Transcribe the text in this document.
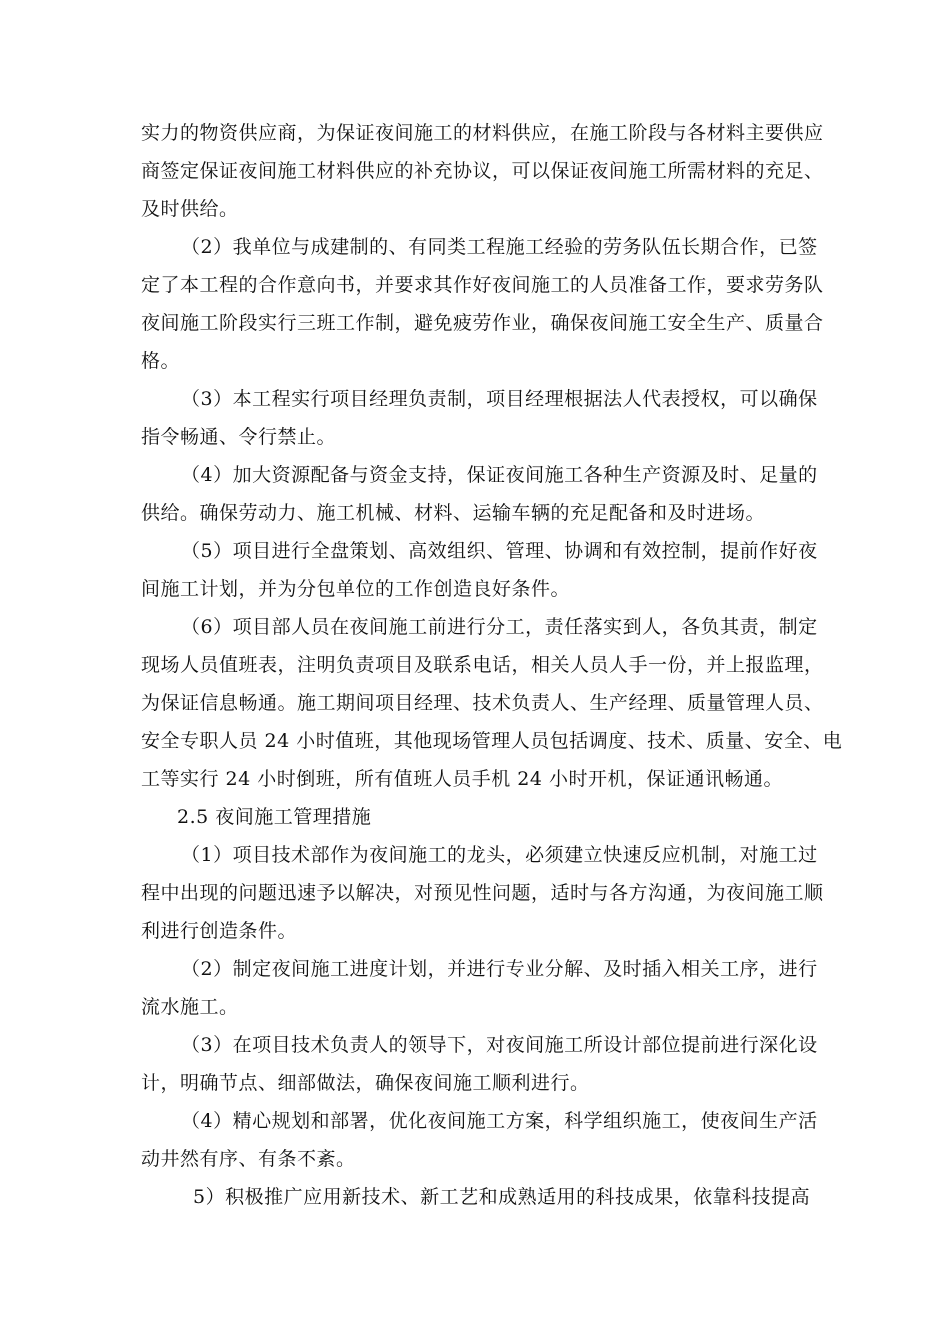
实力的物资供应商，为保证夜间施工的材料供应，在施工阶段与各材料主要供应
商签定保证夜间施工材料供应的补充协议，可以保证夜间施工所需材料的充足、
及时供给。

（2）我单位与成建制的、有同类工程施工经验的劳务队伍长期合作，已签
定了本工程的合作意向书，并要求其作好夜间施工的人员准备工作，要求劳务队
夜间施工阶段实行三班工作制，避免疲劳作业，确保夜间施工安全生产、质量合
格。

（3）本工程实行项目经理负责制，项目经理根据法人代表授权，可以确保
指令畅通、令行禁止。

（4）加大资源配备与资金支持，保证夜间施工各种生产资源及时、足量的
供给。确保劳动力、施工机械、材料、运输车辆的充足配备和及时进场。

（5）项目进行全盘策划、高效组织、管理、协调和有效控制，提前作好夜
间施工计划，并为分包单位的工作创造良好条件。

（6）项目部人员在夜间施工前进行分工，责任落实到人，各负其责，制定
现场人员值班表，注明负责项目及联系电话，相关人员人手一份，并上报监理，
为保证信息畅通。施工期间项目经理、技术负责人、生产经理、质量管理人员、
安全专职人员 24 小时值班，其他现场管理人员包括调度、技术、质量、安全、电
工等实行 24 小时倒班，所有值班人员手机 24 小时开机，保证通讯畅通。

2.5 夜间施工管理措施

（1）项目技术部作为夜间施工的龙头，必须建立快速反应机制，对施工过
程中出现的问题迅速予以解决，对预见性问题，适时与各方沟通，为夜间施工顺
利进行创造条件。

（2）制定夜间施工进度计划，并进行专业分解、及时插入相关工序，进行
流水施工。

（3）在项目技术负责人的领导下，对夜间施工所设计部位提前进行深化设
计，明确节点、细部做法，确保夜间施工顺利进行。

（4）精心规划和部署，优化夜间施工方案，科学组织施工，使夜间生产活
动井然有序、有条不紊。

5）积极推广应用新技术、新工艺和成熟适用的科技成果，依靠科技提高
